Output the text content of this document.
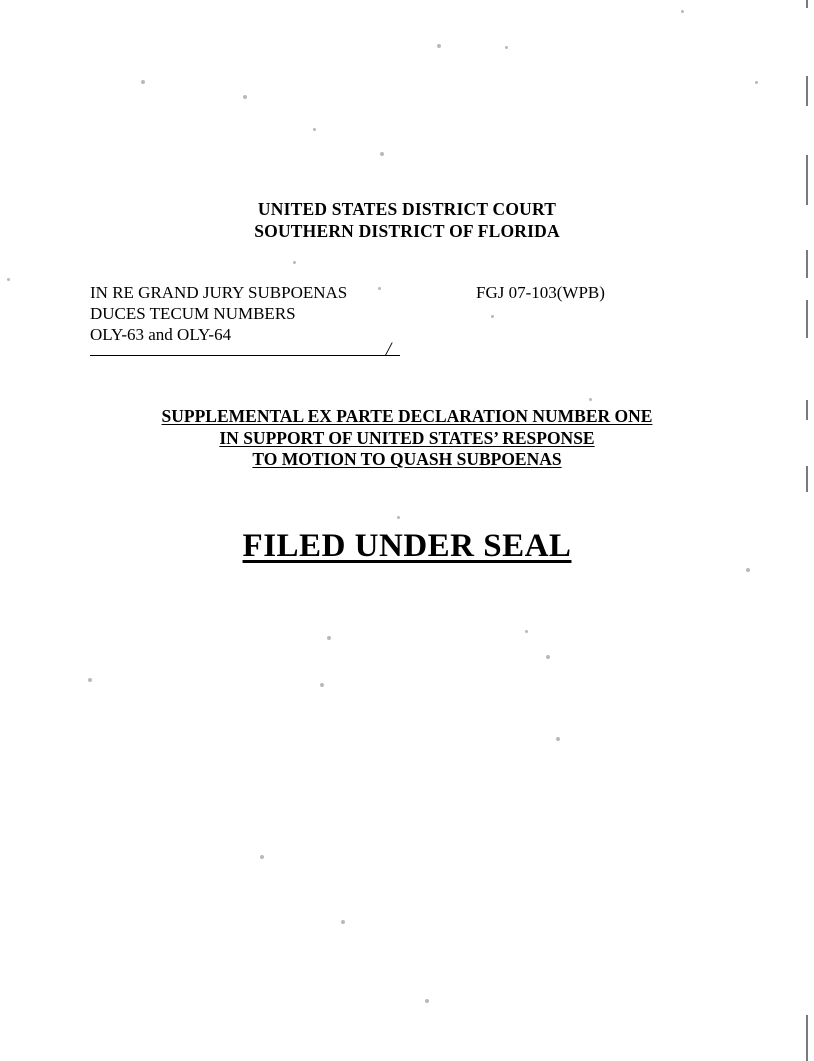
UNITED STATES DISTRICT COURT
SOUTHERN DISTRICT OF FLORIDA
IN RE GRAND JURY SUBPOENAS	FGJ 07-103(WPB)
DUCES TECUM NUMBERS
OLY-63 and OLY-64
/
SUPPLEMENTAL EX PARTE DECLARATION NUMBER ONE
IN SUPPORT OF UNITED STATES’ RESPONSE
TO MOTION TO QUASH SUBPOENAS
FILED UNDER SEAL
